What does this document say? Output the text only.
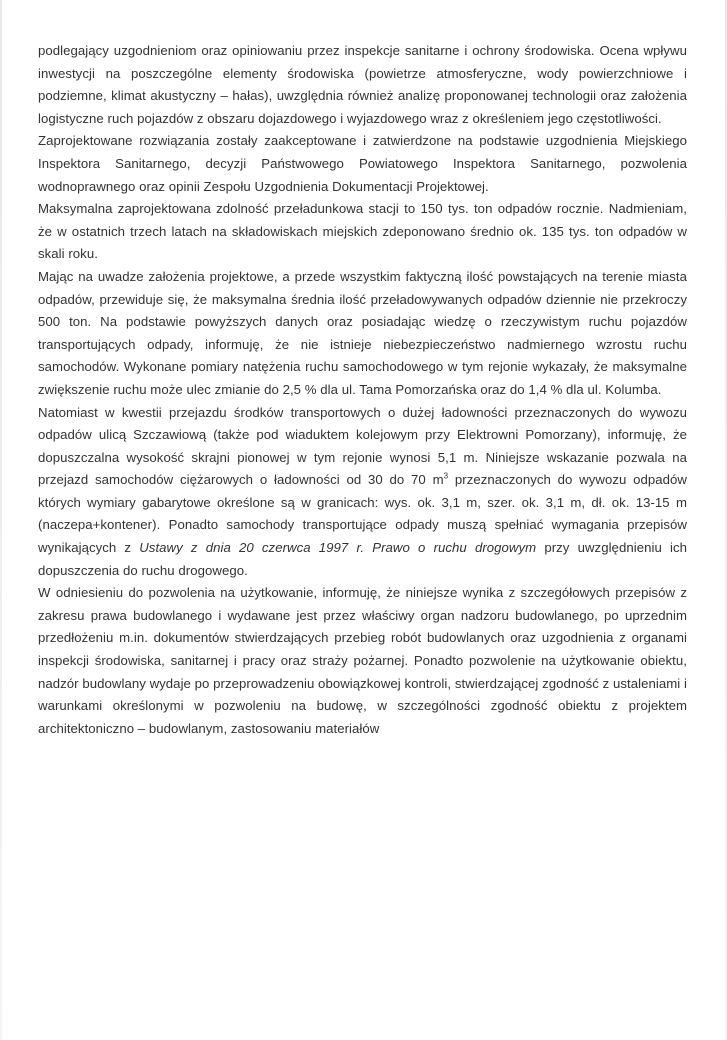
podlegający uzgodnieniom oraz opiniowaniu przez inspekcje sanitarne i ochrony środowiska. Ocena wpływu inwestycji na poszczególne elementy środowiska (powietrze atmosferyczne, wody powierzchniowe i podziemne, klimat akustyczny – hałas), uwzględnia również analizę proponowanej technologii oraz założenia logistyczne ruch pojazdów z obszaru dojazdowego i wyjazdowego wraz z określeniem jego częstotliwości.

Zaprojektowane rozwiązania zostały zaakceptowane i zatwierdzone na podstawie uzgodnienia Miejskiego Inspektora Sanitarnego, decyzji Państwowego Powiatowego Inspektora Sanitarnego, pozwolenia wodnoprawnego oraz opinii Zespołu Uzgodnienia Dokumentacji Projektowej.

Maksymalna zaprojektowana zdolność przeładunkowa stacji to 150 tys. ton odpadów rocznie. Nadmieniam, że w ostatnich trzech latach na składowiskach miejskich zdeponowano średnio ok. 135 tys. ton odpadów w skali roku.

Mając na uwadze założenia projektowe, a przede wszystkim faktyczną ilość powstających na terenie miasta odpadów, przewiduje się, że maksymalna średnia ilość przeładowywanych odpadów dziennie nie przekroczy 500 ton. Na podstawie powyższych danych oraz posiadając wiedzę o rzeczywistym ruchu pojazdów transportujących odpady, informuję, że nie istnieje niebezpieczeństwo nadmiernego wzrostu ruchu samochodów. Wykonane pomiary natężenia ruchu samochodowego w tym rejonie wykazały, że maksymalne zwiększenie ruchu może ulec zmianie do 2,5 % dla ul. Tama Pomorzańska oraz do 1,4 % dla ul. Kolumba.

Natomiast w kwestii przejazdu środków transportowych o dużej ładowności przeznaczonych do wywozu odpadów ulicą Szczawiową (także pod wiaduktem kolejowym przy Elektrowni Pomorzany), informuję, że dopuszczalna wysokość skrajni pionowej w tym rejonie wynosi 5,1 m. Niniejsze wskazanie pozwala na przejazd samochodów ciężarowych o ładowności od 30 do 70 $m^3$ przeznaczonych do wywozu odpadów których wymiary gabarytowe określone są w granicach: wys. ok. 3,1 m, szer. ok. 3,1 m, dł. ok. 13-15 m (naczepa+kontener). Ponadto samochody transportujące odpady muszą spełniać wymagania przepisów wynikających z Ustawy z dnia 20 czerwca 1997 r. Prawo o ruchu drogowym przy uwzględnieniu ich dopuszczenia do ruchu drogowego.

W odniesieniu do pozwolenia na użytkowanie, informuję, że niniejsze wynika z szczegółowych przepisów z zakresu prawa budowlanego i wydawane jest przez właściwy organ nadzoru budowlanego, po uprzednim przedłożeniu m.in. dokumentów stwierdzających przebieg robót budowlanych oraz uzgodnienia z organami inspekcji środowiska, sanitarnej i pracy oraz straży pożarnej. Ponadto pozwolenie na użytkowanie obiektu, nadzór budowlany wydaje po przeprowadzeniu obowiązkowej kontroli, stwierdzającej zgodność z ustaleniami i warunkami określonymi w pozwoleniu na budowę, w szczególności zgodność obiektu z projektem architektoniczno – budowlanym, zastosowaniu materiałów
